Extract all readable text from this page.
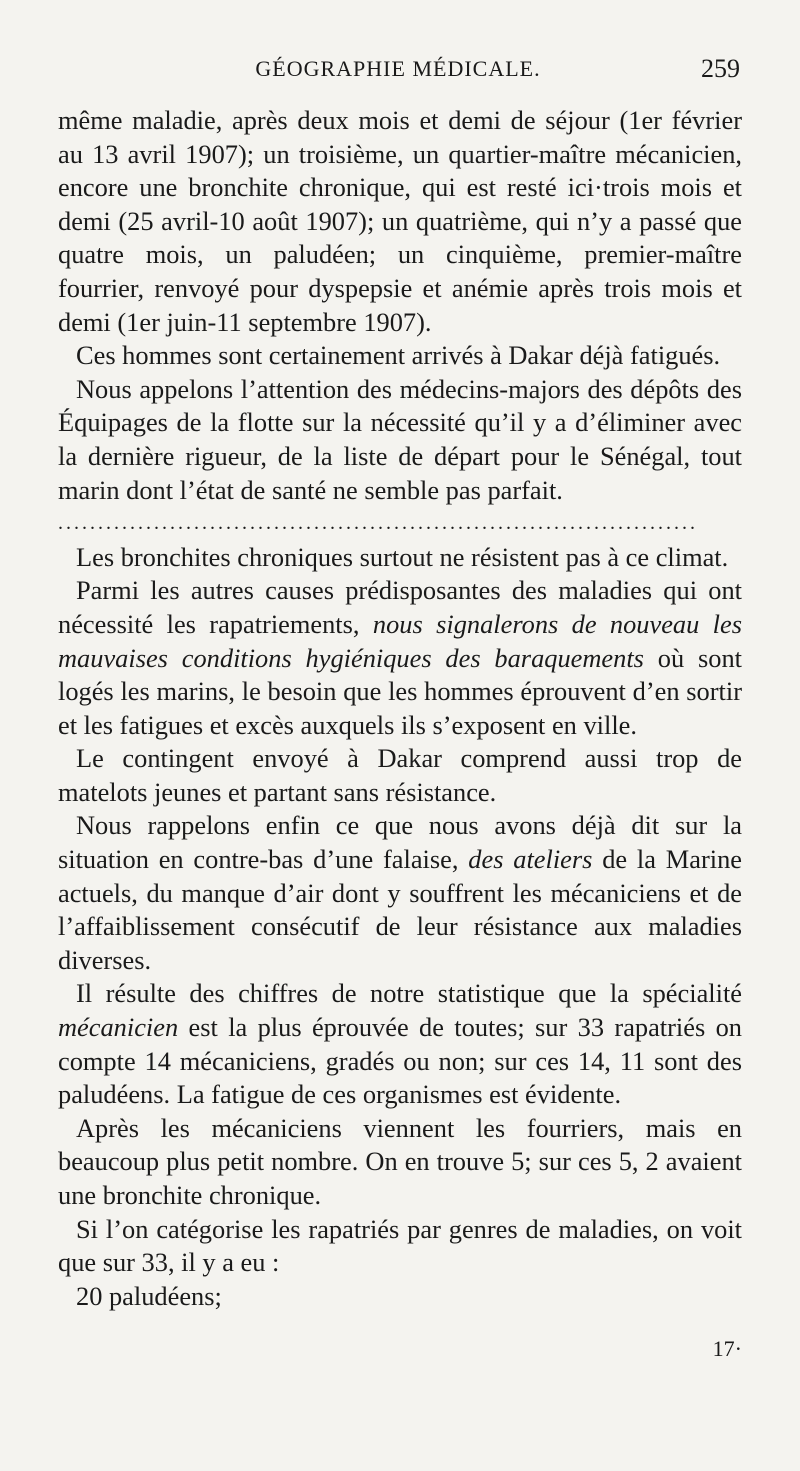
GÉOGRAPHIE MÉDICALE.	259

même maladie, après deux mois et demi de séjour (1er février au 13 avril 1907); un troisième, un quartier-maître mécanicien, encore une bronchite chronique, qui est resté ici·trois mois et demi (25 avril-10 août 1907); un quatrième, qui n’y a passé que quatre mois, un paludéen; un cinquième, premier-maître fourrier, renvoyé pour dyspepsie et anémie après trois mois et demi (1er juin-11 septembre 1907).

Ces hommes sont certainement arrivés à Dakar déjà fatigués.

Nous appelons l’attention des médecins-majors des dépôts des Équipages de la flotte sur la nécessité qu’il y a d’éliminer avec la dernière rigueur, de la liste de départ pour le Sénégal, tout marin dont l’état de santé ne semble pas parfait.

................................................................................

Les bronchites chroniques surtout ne résistent pas à ce climat.

Parmi les autres causes prédisposantes des maladies qui ont nécessité les rapatriements, nous signalerons de nouveau les mauvaises conditions hygiéniques des baraquements où sont logés les marins, le besoin que les hommes éprouvent d’en sortir et les fatigues et excès auxquels ils s’exposent en ville.

Le contingent envoyé à Dakar comprend aussi trop de matelots jeunes et partant sans résistance.

Nous rappelons enfin ce que nous avons déjà dit sur la situation en contre-bas d’une falaise, des ateliers de la Marine actuels, du manque d’air dont y souffrent les mécaniciens et de l’affaiblissement consécutif de leur résistance aux maladies diverses.

Il résulte des chiffres de notre statistique que la spécialité mécanicien est la plus éprouvée de toutes; sur 33 rapatriés on compte 14 mécaniciens, gradés ou non; sur ces 14, 11 sont des paludéens. La fatigue de ces organismes est évidente.

Après les mécaniciens viennent les fourriers, mais en beaucoup plus petit nombre. On en trouve 5; sur ces 5, 2 avaient une bronchite chronique.

Si l’on catégorise les rapatriés par genres de maladies, on voit que sur 33, il y a eu :

20 paludéens;

17·
